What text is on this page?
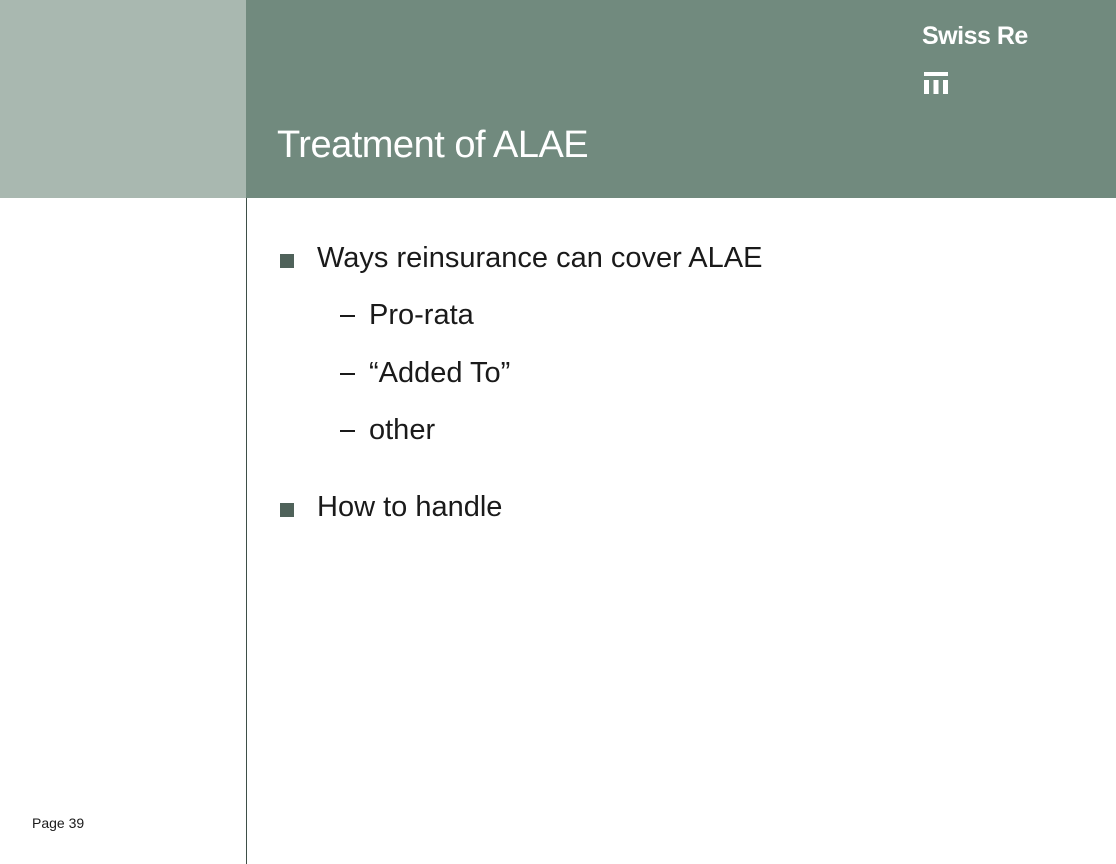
Swiss Re
Treatment of ALAE
Ways reinsurance can cover ALAE
Pro-rata
“Added To”
other
How to handle
Page 39
